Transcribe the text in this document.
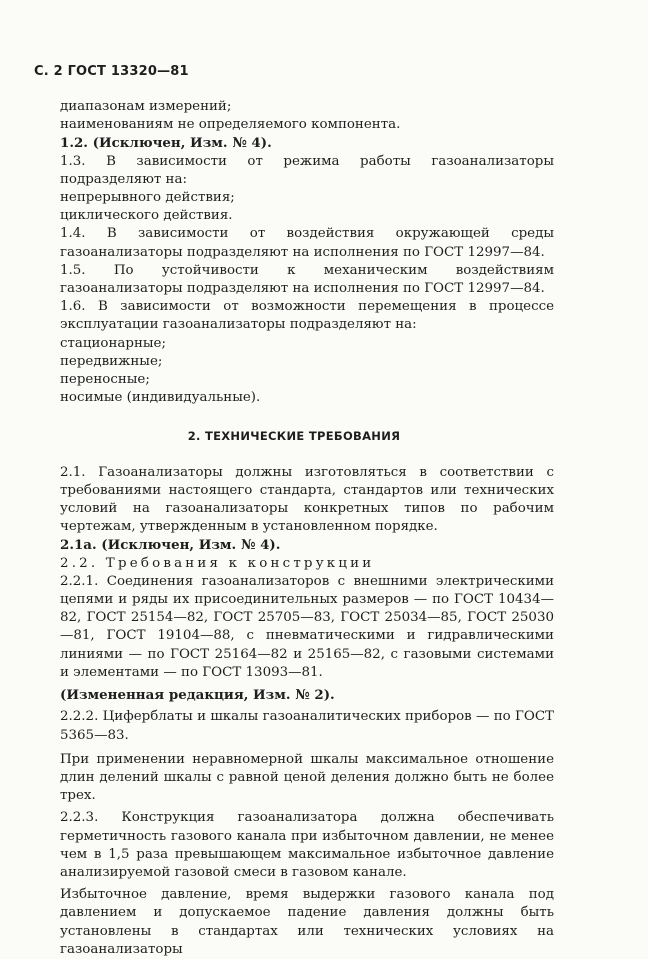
С. 2 ГОСТ 13320—81

диапазонам измерений;

наименованиям не определяемого компонента.

1.2. (Исключен, Изм. № 4).

1.3. В зависимости от режима работы газоанализаторы подразделяют на:

непрерывного действия;

циклического действия.

1.4. В зависимости от воздействия окружающей среды газоанализаторы подразделяют на исполнения по ГОСТ 12997—84.

1.5. По устойчивости к механическим воздействиям газоанализаторы подразделяют на исполнения по ГОСТ 12997—84.

1.6. В зависимости от возможности перемещения в процессе эксплуатации газоанализаторы подразделяют на:

стационарные;

передвижные;

переносные;

носимые (индивидуальные).

2. ТЕХНИЧЕСКИЕ ТРЕБОВАНИЯ

2.1. Газоанализаторы должны изготовляться в соответствии с требованиями настоящего стандарта, стандартов или технических условий на газоанализаторы конкретных типов по рабочим чертежам, утвержденным в установленном порядке.

2.1а. (Исключен, Изм. № 4).

2.2. Требования к конструкции

2.2.1. Соединения газоанализаторов с внешними электрическими цепями и ряды их присоединительных размеров — по ГОСТ 10434—82, ГОСТ 25154—82, ГОСТ 25705—83, ГОСТ 25034—85, ГОСТ 25030—81, ГОСТ 19104—88, с пневматическими и гидравлическими линиями — по ГОСТ 25164—82 и 25165—82, с газовыми системами и элементами — по ГОСТ 13093—81.

(Измененная редакция, Изм. № 2).

2.2.2. Циферблаты и шкалы газоаналитических приборов — по ГОСТ 5365—83.

При применении неравномерной шкалы максимальное отношение длин делений шкалы с равной ценой деления должно быть не более трех.

2.2.3. Конструкция газоанализатора должна обеспечивать герметичность газового канала при избыточном давлении, не менее чем в 1,5 раза превышающем максимальное избыточное давление анализируемой газовой смеси в газовом канале.

Избыточное давление, время выдержки газового канала под давлением и допускаемое падение давления должны быть установлены в стандартах или технических условиях на газоанализаторы
